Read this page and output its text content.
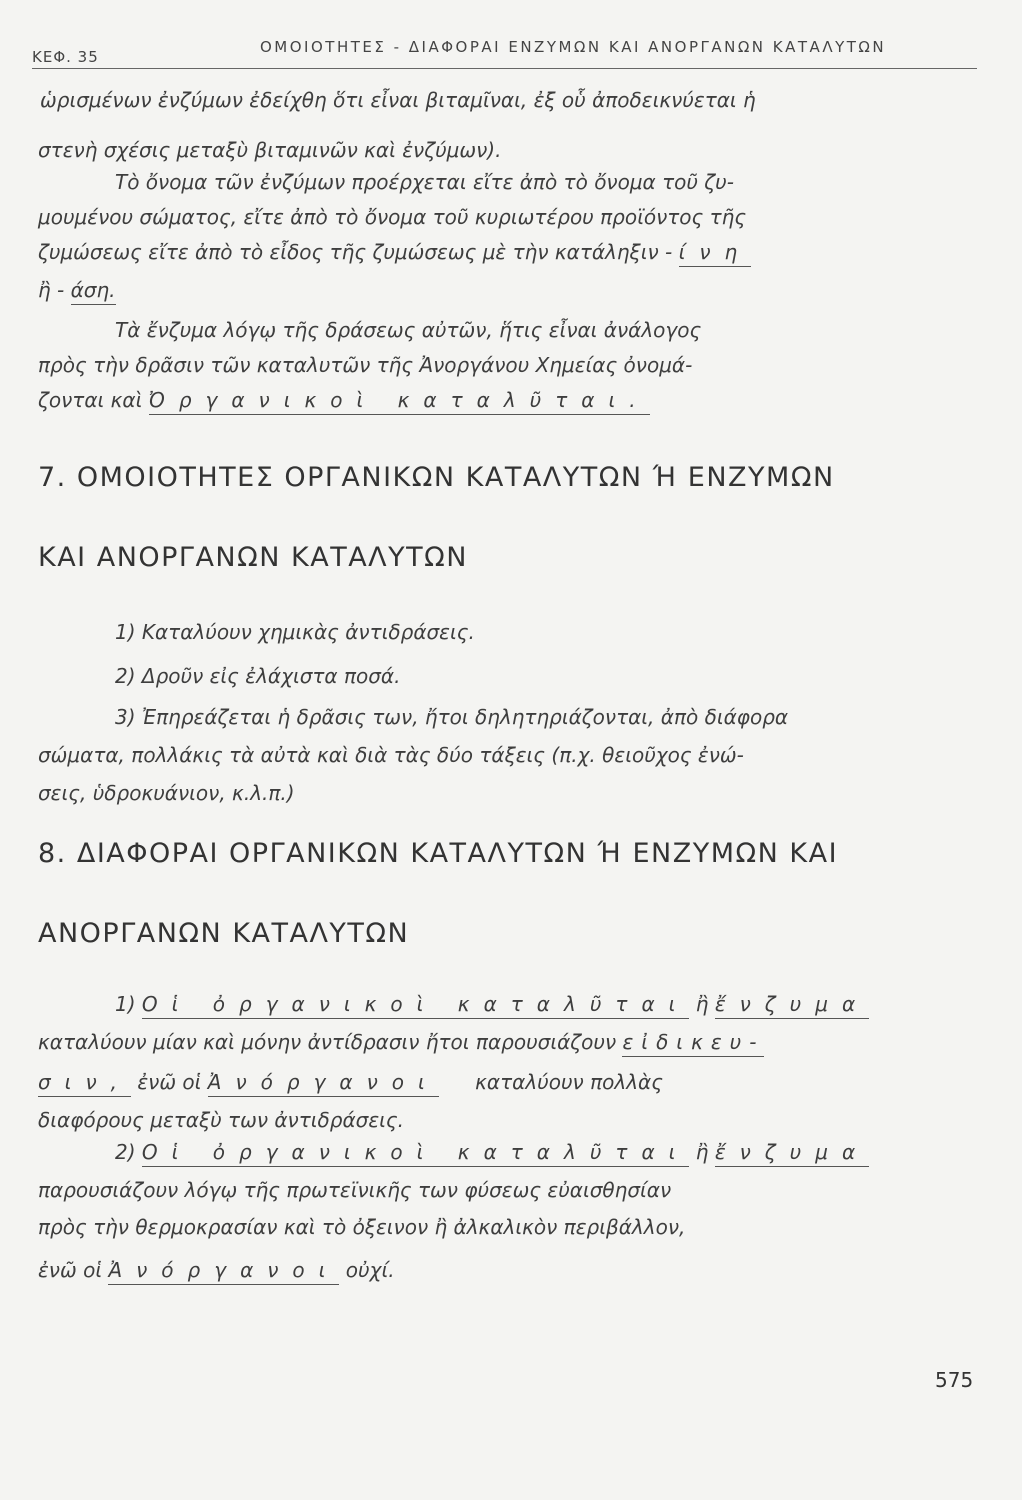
ΚΕΦ. 35
ΟΜΟΙΟΤΗΤΕΣ - ΔΙΑΦΟΡΑΙ ΕΝΖΥΜΩΝ ΚΑΙ ΑΝΟΡΓΑΝΩΝ ΚΑΤΑΛΥΤΩΝ
ὡρισμένων ἐνζύμων ἐδείχθη ὅτι εἶναι βιταμῖναι, ἐξ οὗ ἀποδεικνύεται ἡ
στενὴ σχέσις μεταξὺ βιταμινῶν καὶ ἐνζύμων).
Τὸ ὄνομα τῶν ἐνζύμων προέρχεται εἴτε ἀπὸ τὸ ὄνομα τοῦ ζυ-
μουμένου σώματος, εἴτε ἀπὸ τὸ ὄνομα τοῦ κυριωτέρου προϊόντος τῆς
ζυμώσεως εἴτε ἀπὸ τὸ εἶδος τῆς ζυμώσεως μὲ τὴν κατάληξιν - ίνη
ἢ - άση.
Τὰ ἔνζυμα λόγῳ τῆς δράσεως αὐτῶν, ἥτις εἶναι ἀνάλογος
πρὸς τὴν δρᾶσιν τῶν καταλυτῶν τῆς Ἀνοργάνου Χημείας ὀνομά-
ζονται καὶ Ὀργανικοὶ καταλῦται.
7. ΟΜΟΙΟΤΗΤΕΣ ΟΡΓΑΝΙΚΩΝ ΚΑΤΑΛΥΤΩΝ Ή ΕΝΖΥΜΩΝ
ΚΑΙ ΑΝΟΡΓΑΝΩΝ ΚΑΤΑΛΥΤΩΝ
1) Καταλύουν χημικὰς ἀντιδράσεις.
2) Δροῦν εἰς ἐλάχιστα ποσά.
3) Ἐπηρεάζεται ἡ δρᾶσις των, ἤτοι δηλητηριάζονται, ἀπὸ διάφορα
σώματα, πολλάκις τὰ αὐτὰ καὶ διὰ τὰς δύο τάξεις (π.χ. θειοῦχος ἐνώ-
σεις, ὑδροκυάνιον, κ.λ.π.)
8. ΔΙΑΦΟΡΑΙ ΟΡΓΑΝΙΚΩΝ ΚΑΤΑΛΥΤΩΝ Ή ΕΝΖΥΜΩΝ ΚΑΙ
ΑΝΟΡΓΑΝΩΝ ΚΑΤΑΛΥΤΩΝ
1) Οἱ ὀργανικοὶ καταλῦται ἢ ἔνζυμα
καταλύουν μίαν καὶ μόνην ἀντίδρασιν ἤτοι παρουσιάζουν εἰδικευ-
σιν, ἐνῶ οἱ Ἀνόργανοι καταλύουν πολλὰς
διαφόρους μεταξὺ των ἀντιδράσεις.
2) Οἱ ὀργανικοὶ καταλῦται ἢ ἔνζυμα
παρουσιάζουν λόγῳ τῆς πρωτεϊνικῆς των φύσεως εὐαισθησίαν
πρὸς τὴν θερμοκρασίαν καὶ τὸ ὀξεινον ἢ ἀλκαλικὸν περιβάλλον,
ἐνῶ οἱ Ἀνόργανοι οὐχί.
575
